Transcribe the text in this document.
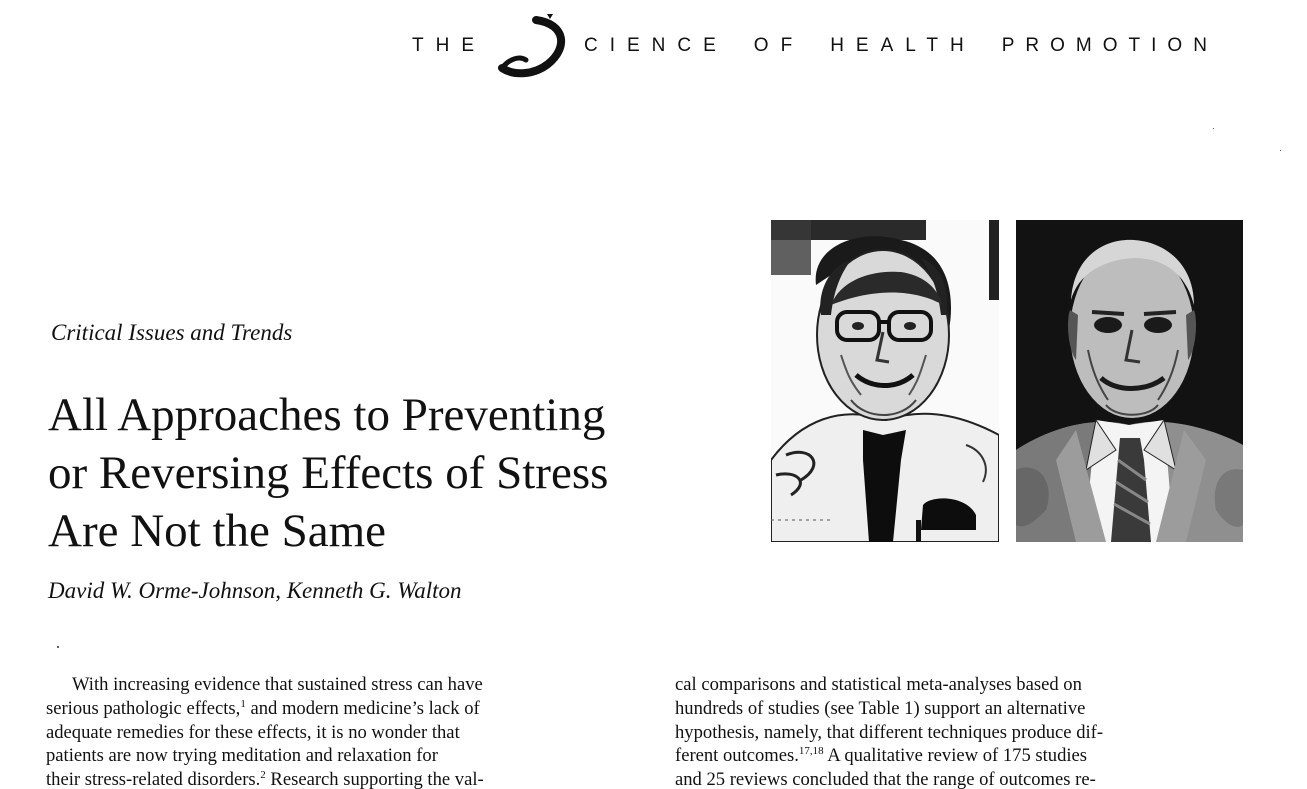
THE	CIENCE OF HEALTH PROMOTION
Critical Issues and Trends
All Approaches to Preventing
or Reversing Effects of Stress
Are Not the Same
David W. Orme-Johnson, Kenneth G. Walton

With increasing evidence that sustained stress can have
serious pathologic effects,$^1$ and modern medicine’s lack of
adequate remedies for these effects, it is no wonder that
patients are now trying meditation and relaxation for
their stress-related disorders.$^2$ Research supporting the val-

cal comparisons and statistical meta-analyses based on
hundreds of studies (see Table 1) support an alternative
hypothesis, namely, that different techniques produce dif-
ferent outcomes.$^{17,18}$ A qualitative review of 175 studies
and 25 reviews concluded that the range of outcomes re-
